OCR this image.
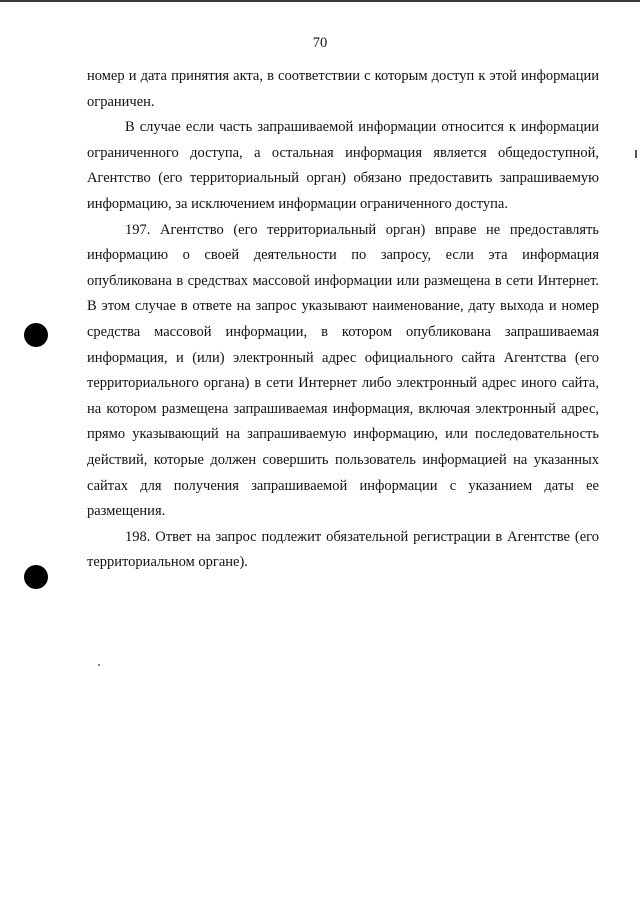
70

номер и дата принятия акта, в соответствии с которым доступ к этой информации ограничен.

В случае если часть запрашиваемой информации относится к информации ограниченного доступа, а остальная информация является общедоступной, Агентство (его территориальный орган) обязано предоставить запрашиваемую информацию, за исключением информации ограниченного доступа.

197. Агентство (его территориальный орган) вправе не предоставлять информацию о своей деятельности по запросу, если эта информация опубликована в средствах массовой информации или размещена в сети Интернет. В этом случае в ответе на запрос указывают наименование, дату выхода и номер средства массовой информации, в котором опубликована запрашиваемая информация, и (или) электронный адрес официального сайта Агентства (его территориального органа) в сети Интернет либо электронный адрес иного сайта, на котором размещена запрашиваемая информация, включая электронный адрес, прямо указывающий на запрашиваемую информацию, или последовательность действий, которые должен совершить пользователь информацией на указанных сайтах для получения запрашиваемой информации с указанием даты ее размещения.

198. Ответ на запрос подлежит обязательной регистрации в Агентстве (его территориальном органе).
